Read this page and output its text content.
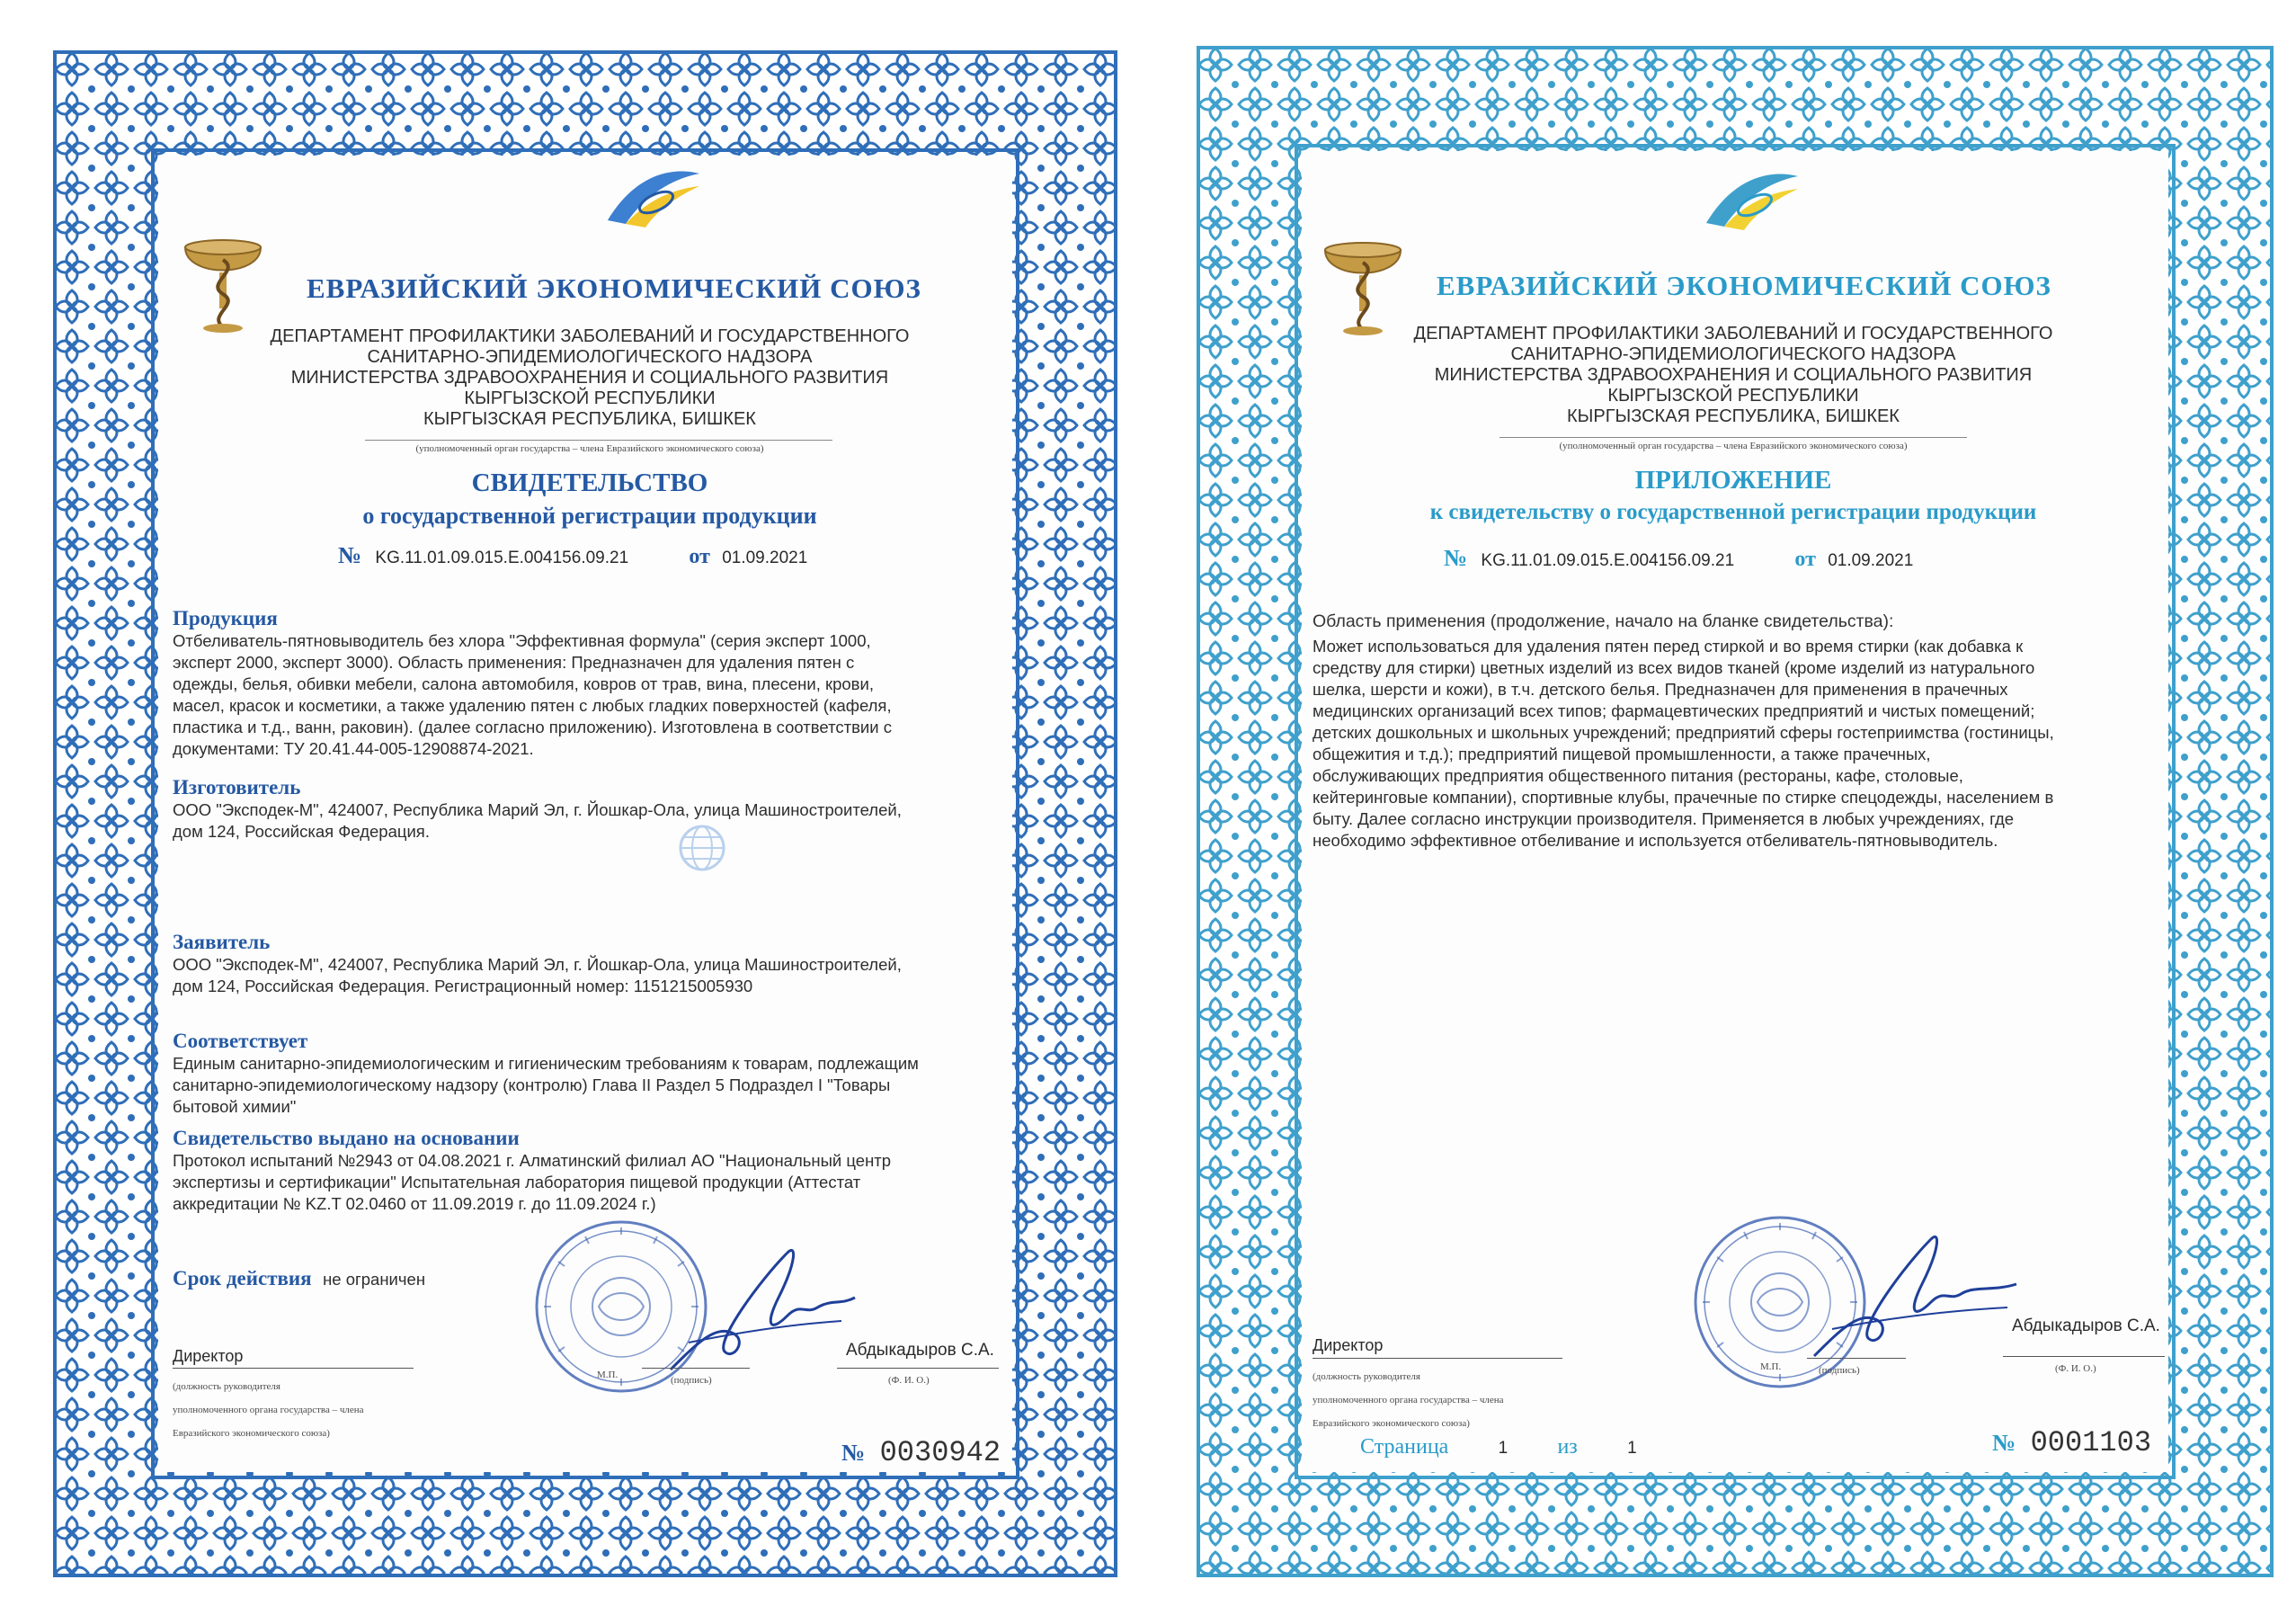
ЕВРАЗИЙСКИЙ ЭКОНОМИЧЕСКИЙ СОЮЗ
ДЕПАРТАМЕНТ ПРОФИЛАКТИКИ ЗАБОЛЕВАНИЙ И ГОСУДАРСТВЕННОГО
САНИТАРНО-ЭПИДЕМИОЛОГИЧЕСКОГО НАДЗОРА
МИНИСТЕРСТВА ЗДРАВООХРАНЕНИЯ И СОЦИАЛЬНОГО РАЗВИТИЯ
КЫРГЫЗСКОЙ РЕСПУБЛИКИ
КЫРГЫЗСКАЯ РЕСПУБЛИКА, БИШКЕК
(уполномоченный орган государства – члена Евразийского экономического союза)
СВИДЕТЕЛЬСТВО
о государственной регистрации продукции
№ KG.11.01.09.015.E.004156.09.21	от 01.09.2021
Продукция
Отбеливатель-пятновыводитель без хлора "Эффективная формула" (серия эксперт 1000,
эксперт 2000, эксперт 3000). Область применения: Предназначен для удаления пятен с
одежды, белья, обивки мебели, салона автомобиля, ковров от трав, вина, плесени, крови,
масел, красок и косметики, а также удалению пятен с любых гладких поверхностей (кафеля,
пластика и т.д., ванн, раковин). (далее согласно приложению). Изготовлена в соответствии с
документами: ТУ 20.41.44-005-12908874-2021.
Изготовитель
ООО "Экcподек-М", 424007, Республика Марий Эл, г. Йошкар-Ола, улица Машиностроителей,
дом 124, Российская Федерация.
Заявитель
ООО "Экcподек-М", 424007, Республика Марий Эл, г. Йошкар-Ола, улица Машиностроителей,
дом 124, Российская Федерация. Регистрационный номер: 1151215005930
Соответствует
Единым санитарно-эпидемиологическим и гигиеническим требованиям к товарам, подлежащим
санитарно-эпидемиологическому надзору (контролю) Глава II Раздел 5 Подраздел I "Товары
бытовой химии"
Свидетельство выдано на основании
Протокол испытаний №2943 от 04.08.2021 г. Алматинский филиал АО "Национальный центр
экспертизы и сертификации" Испытательная лаборатория пищевой продукции (Аттестат
аккредитации № KZ.T 02.0460 от 11.09.2019 г. до 11.09.2024 г.)
Срок действия не ограничен
Директор
(должность руководителя
уполномоченного органа государства – члена
Евразийского экономического союза)
М.П.	(подпись)
Абдыкадыров С.А.
(Ф. И. О.)
№ 0030942
ЕВРАЗИЙСКИЙ ЭКОНОМИЧЕСКИЙ СОЮЗ
ДЕПАРТАМЕНТ ПРОФИЛАКТИКИ ЗАБОЛЕВАНИЙ И ГОСУДАРСТВЕННОГО
САНИТАРНО-ЭПИДЕМИОЛОГИЧЕСКОГО НАДЗОРА
МИНИСТЕРСТВА ЗДРАВООХРАНЕНИЯ И СОЦИАЛЬНОГО РАЗВИТИЯ
КЫРГЫЗСКОЙ РЕСПУБЛИКИ
КЫРГЫЗСКАЯ РЕСПУБЛИКА, БИШКЕК
(уполномоченный орган государства – члена Евразийского экономического союза)
ПРИЛОЖЕНИЕ
к свидетельству о государственной регистрации продукции
№ KG.11.01.09.015.E.004156.09.21	от 01.09.2021
Область применения (продолжение, начало на бланке свидетельства):
Может использоваться для удаления пятен перед стиркой и во время стирки (как добавка к
средству для стирки) цветных изделий из всех видов тканей (кроме изделий из натурального
шелка, шерсти и кожи), в т.ч. детского белья. Предназначен для применения в прачечных
медицинских организаций всех типов; фармацевтических предприятий и чистых помещений;
детских дошкольных и школьных учреждений; предприятий сферы гостеприимства (гостиницы,
общежития и т.д.); предприятий пищевой промышленности, а также прачечных,
обслуживающих предприятия общественного питания (рестораны, кафе, столовые,
кейтеринговые компании), спортивные клубы, прачечные по стирке спецодежды, населением в
быту. Далее согласно инструкции производителя. Применяется в любых учреждениях, где
необходимо эффективное отбеливание и используется отбеливатель-пятновыводитель.
Директор
(должность руководителя
уполномоченного органа государства – члена
Евразийского экономического союза)
М.П.	(подпись)
Абдыкадыров С.А.
(Ф. И. О.)
Страница	1 из	1	№ 0001103
